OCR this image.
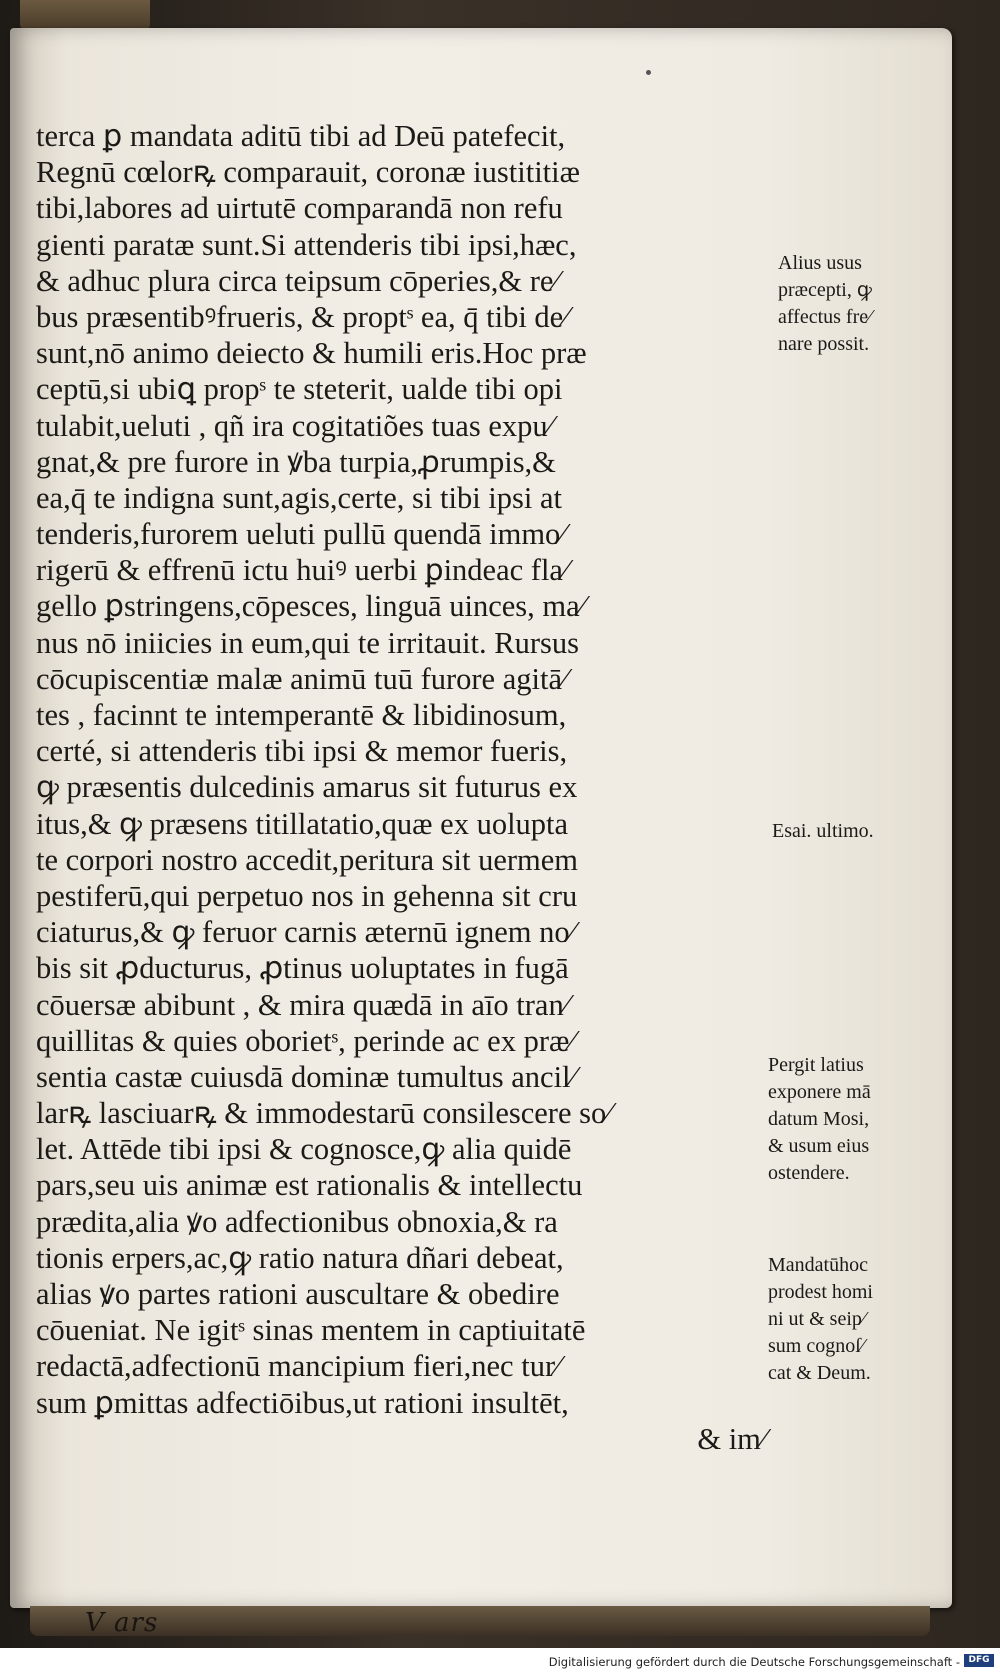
terca ꝑ mandata aditū tibi ad Deū patefecit,
Regnū cœlorꝶ comparauit, coronæ iustititiæ
tibi,labores ad uirtutē comparandā non refu
gienti paratæ sunt.Si attenderis tibi ipsi,hæc,
& adhuc plura circa teipsum cōperies,& re⁄
bus præsentibꝰfrueris, & proptˢ ea, q̄ tibi de⁄
sunt,nō animo deiecto & humili eris.Hoc præ
ceptū,si ubiꝗ propˢ te steterit, ualde tibi opi
tulabit,ueluti , qñ ira cogitatiões tuas expu⁄
gnat,& pre furore in ꝟba turpia,ꝓrumpis,&
ea,q̄ te indigna sunt,agis,certe, si tibi ipsi at
tenderis,furorem ueluti pullū quendā immo⁄
rigerū & effrenū ictu huiꝰ uerbi ꝑindeac fla⁄
gello ꝑstringens,cōpesces, linguā uinces, ma⁄
nus nō iniicies in eum,qui te irritauit. Rursus
cōcupiscentiæ malæ animū tuū furore agitā⁄
tes , facinnt te intemperantē & libidinosum,
certé, si attenderis tibi ipsi & memor fueris,
ꝙ præsentis dulcedinis amarus sit futurus ex
itus,& ꝙ præsens titillatatio,quæ ex uolupta
te corpori nostro accedit,peritura sit uermem
pestiferū,qui perpetuo nos in gehenna sit cru
ciaturus,& ꝙ feruor carnis æternū ignem no⁄
bis sit ꝓducturus, ꝓtinus uoluptates in fugā
cōuersæ abibunt , & mira quædā in aīo tran⁄
quillitas & quies oborietˢ, perinde ac ex præ⁄
sentia castæ cuiusdā dominæ tumultus ancil⁄
larꝶ lasciuarꝶ & immodestarū consilescere so⁄
let. Attēde tibi ipsi & cognosce,ꝙ alia quidē
pars,seu uis animæ est rationalis & intellectu
prædita,alia ꝟo adfectionibus obnoxia,& ra
tionis erpers,ac,ꝙ ratio natura dñari debeat,
alias ꝟo partes rationi auscultare & obedire
cōueniat. Ne igitˢ sinas mentem in captiuitatē
redactā,adfectionū mancipium fieri,nec tur⁄
sum ꝑmittas adfectiōibus,ut rationi insultēt,
& im⁄
Alius usus
præcepti, ꝙ
affectus fre⁄
nare possit.
Esai. ultimo.
Pergit latius
exponere mā
datum Mosi,
& usum eius
ostendere.
Mandatūhoc
prodest homi
ni ut & seip⁄
sum cognoſ⁄
cat & Deum.
V ars
Digitalisierung gefördert durch die Deutsche Forschungsgemeinschaft - DFG
